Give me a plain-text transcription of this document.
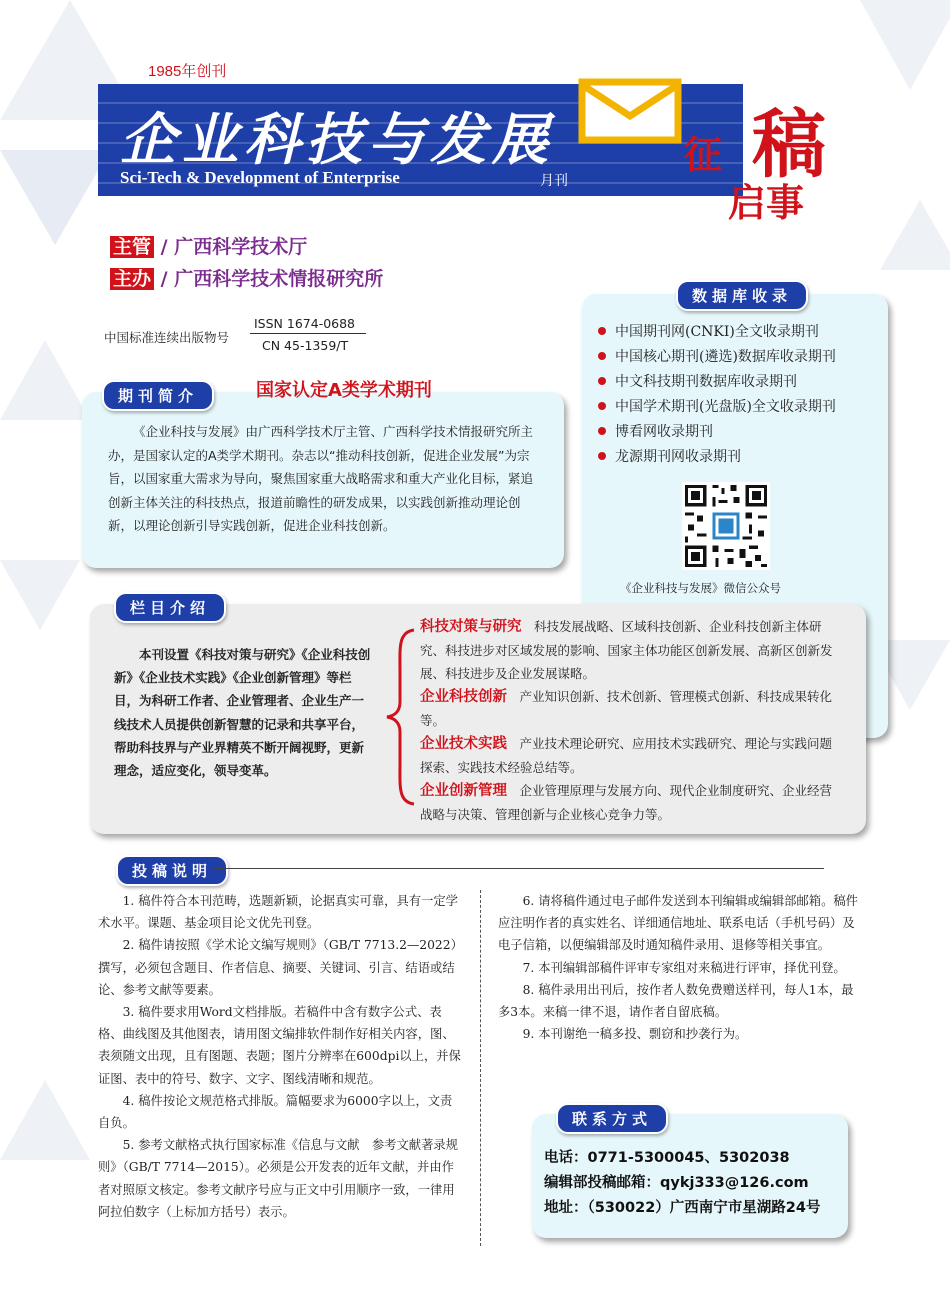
1985年创刊
企业科技与发展
Sci-Tech & Development of Enterprise	月刊
征 稿
启事
主管 / 广西科学技术厅
主办 / 广西科学技术情报研究所
中国标准连续出版物号
ISSN 1674-0688
CN 45-1359/T
数据库收录
中国期刊网(CNKI)全文收录期刊
中国核心期刊(遴选)数据库收录期刊
中文科技期刊数据库收录期刊
中国学术期刊(光盘版)全文收录期刊
博看网收录期刊
龙源期刊网收录期刊
《企业科技与发展》微信公众号
期刊简介	国家认定A类学术期刊
《企业科技与发展》由广西科学技术厅主管、广西科学技术情报研究所主办，是国家认定的A类学术期刊。杂志以“推动科技创新，促进企业发展”为宗旨，以国家重大需求为导向，聚焦国家重大战略需求和重大产业化目标，紧追创新主体关注的科技热点，报道前瞻性的研发成果，以实践创新推动理论创新，以理论创新引导实践创新，促进企业科技创新。
栏目介绍
本刊设置《科技对策与研究》《企业科技创新》《企业技术实践》《企业创新管理》等栏目，为科研工作者、企业管理者、企业生产一线技术人员提供创新智慧的记录和共享平台，帮助科技界与产业界精英不断开阔视野，更新理念，适应变化，领导变革。
科技对策与研究　 科技发展战略、区域科技创新、企业科技创新主体研究、科技进步对区域发展的影响、国家主体功能区创新发展、高新区创新发展、科技进步及企业发展谋略。
企业科技创新　 产业知识创新、技术创新、管理模式创新、科技成果转化等。
企业技术实践　 产业技术理论研究、应用技术实践研究、理论与实践问题探索、实践技术经验总结等。
企业创新管理　 企业管理原理与发展方向、现代企业制度研究、企业经营战略与决策、管理创新与企业核心竞争力等。
投稿说明

1. 稿件符合本刊范畴，选题新颖，论据真实可靠，具有一定学术水平。课题、基金项目论文优先刊登。

2. 稿件请按照《学术论文编写规则》（GB/T 7713.2—2022）撰写，必须包含题目、作者信息、摘要、关键词、引言、结语或结论、参考文献等要素。

3. 稿件要求用Word文档排版。若稿件中含有数字公式、表格、曲线图及其他图表，请用图文编排软件制作好相关内容，图、表须随文出现，且有图题、表题；图片分辨率在600dpi以上，并保证图、表中的符号、数字、文字、图线清晰和规范。

4. 稿件按论文规范格式排版。篇幅要求为6000字以上，文责自负。

5. 参考文献格式执行国家标准《信息与文献　参考文献著录规则》（GB/T 7714—2015）。必须是公开发表的近年文献，并由作者对照原文核定。参考文献序号应与正文中引用顺序一致，一律用阿拉伯数字（上标加方括号）表示。

6. 请将稿件通过电子邮件发送到本刊编辑或编辑部邮箱。稿件应注明作者的真实姓名、详细通信地址、联系电话（手机号码）及电子信箱，以便编辑部及时通知稿件录用、退修等相关事宜。

7. 本刊编辑部稿件评审专家组对来稿进行评审，择优刊登。

8. 稿件录用出刊后，按作者人数免费赠送样刊，每人1本，最多3本。来稿一律不退，请作者自留底稿。

9. 本刊谢绝一稿多投、剽窃和抄袭行为。

联系方式
电话：0771-5300045、5302038
编辑部投稿邮箱：qykj333@126.com
地址：（530022）广西南宁市星湖路24号
